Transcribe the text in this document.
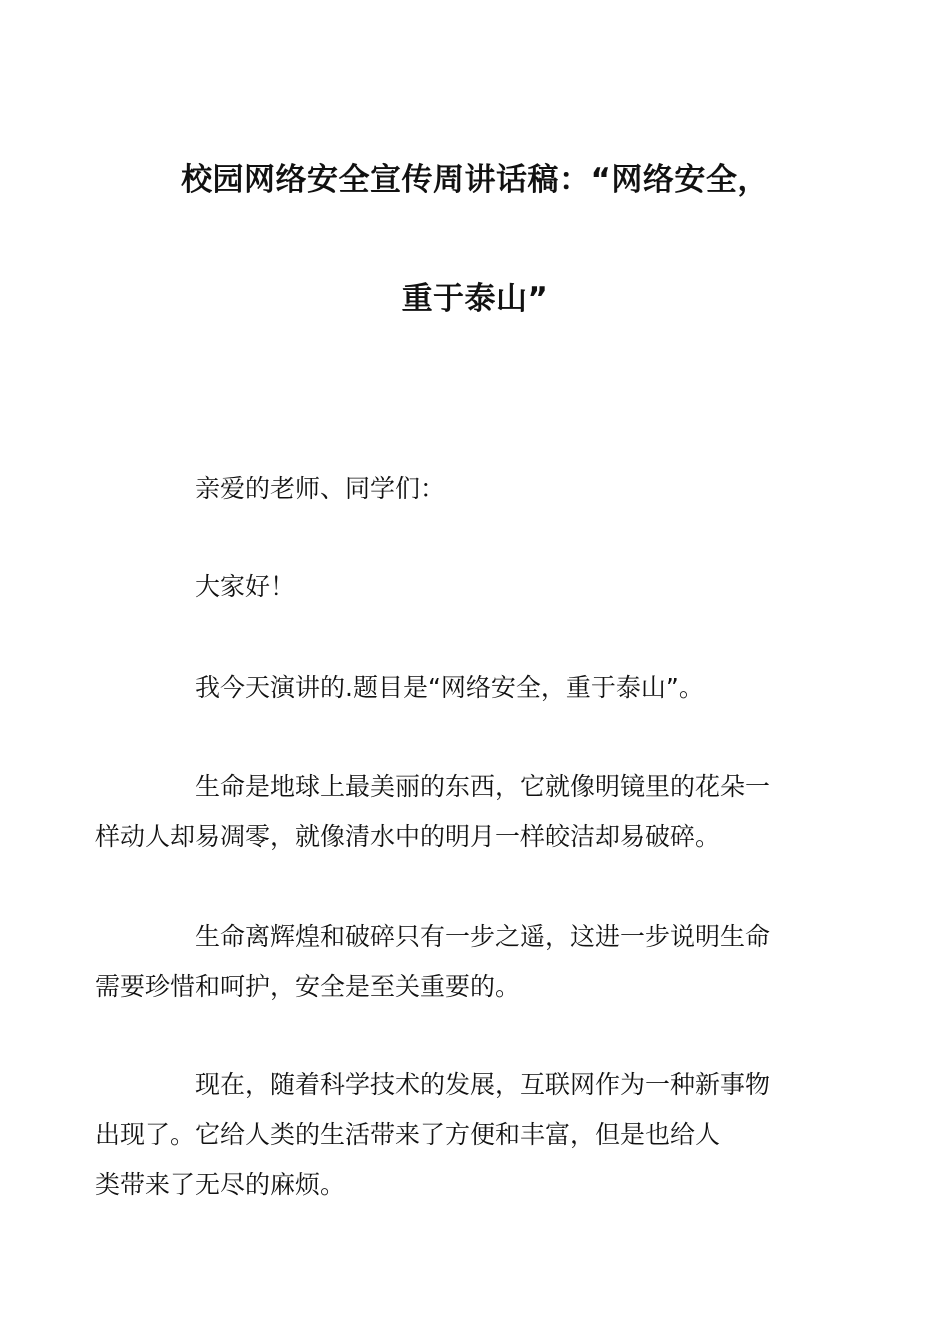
校园网络安全宣传周讲话稿：“网络安全，
重于泰山”

亲爱的老师、同学们：

大家好！

我今天演讲的.题目是“网络安全，重于泰山”。

生命是地球上最美丽的东西，它就像明镜里的花朵一
样动人却易凋零，就像清水中的明月一样皎洁却易破碎。

生命离辉煌和破碎只有一步之遥，这进一步说明生命
需要珍惜和呵护，安全是至关重要的。

现在，随着科学技术的发展，互联网作为一种新事物
出现了。它给人类的生活带来了方便和丰富，但是也给人
类带来了无尽的麻烦。
